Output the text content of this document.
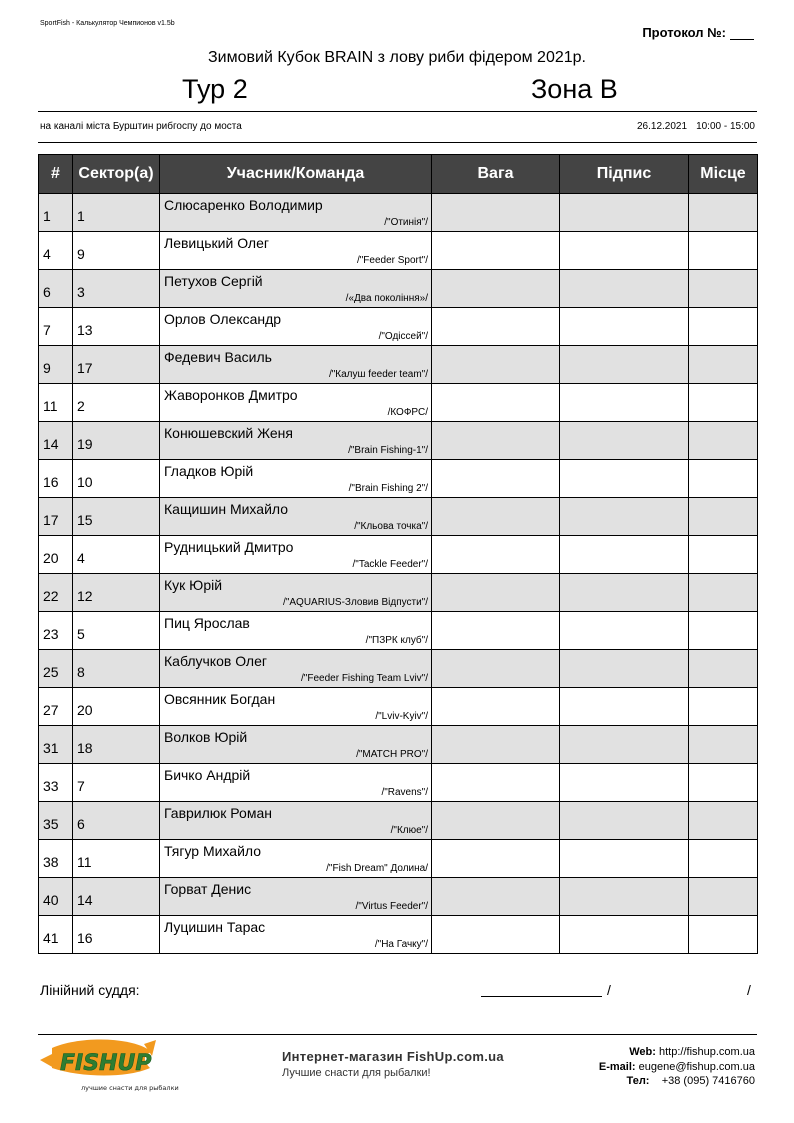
SportFish - Калькулятор Чемпионов v1.5b
Протокол №:
Зимовий Кубок BRAIN з лову риби фідером 2021р.
Тур 2	Зона B
на каналі міста Бурштин рибгоспу до моста	26.12.2021 10:00 - 15:00
#	Сектор(а)	Учасник/Команда	Вага	Підпис	Місце
1	1	Слюсаренко Володимир
/"Отинія"/			

4	9	Левицький Олег
/"Feeder Sport"/			

6	3	Петухов Сергій
/«Два покоління»/			

7	13	Орлов Олександр
/"Одіссей"/			

9	17	Федевич Василь
/"Калуш feeder team"/			

11	2	Жаворонков Дмитро
/КОФРС/			

14	19	Конюшевский Женя
/"Brain Fishing-1"/			

16	10	Гладков Юрій
/"Brain Fishing 2"/			

17	15	Кащишин Михайло
/"Кльова точка"/			

20	4	Рудницький Дмитро
/"Tackle Feeder"/			

22	12	Кук Юрій
/"AQUARIUS-Зловив Відпусти"/			

23	5	Пиц Ярослав
/"ПЗРК клуб"/			

25	8	Каблучков Олег
/"Feeder Fishing Team Lviv"/			

27	20	Овсянник Богдан
/"Lviv-Kyiv"/			

31	18	Волков Юрій
/"MATCH PRO"/			

33	7	Бичко Андрій
/"Ravens"/			

35	6	Гаврилюк Роман
/"Клюе"/			

38	11	Тягур Михайло
/"Fish Dream" Долина/			

40	14	Горват Денис
/"Virtus Feeder"/			

41	16	Луцишин Тарас
/"На Гачку"/			

Лінійний суддя:	/	/
FISHUP
лучшие снасти для рыбалки
Интернет-магазин FishUp.com.ua
Лучшие снасти для рыбалки!
Web: http://fishup.com.ua
E-mail: eugene@fishup.com.ua
Тел: +38 (095) 7416760
